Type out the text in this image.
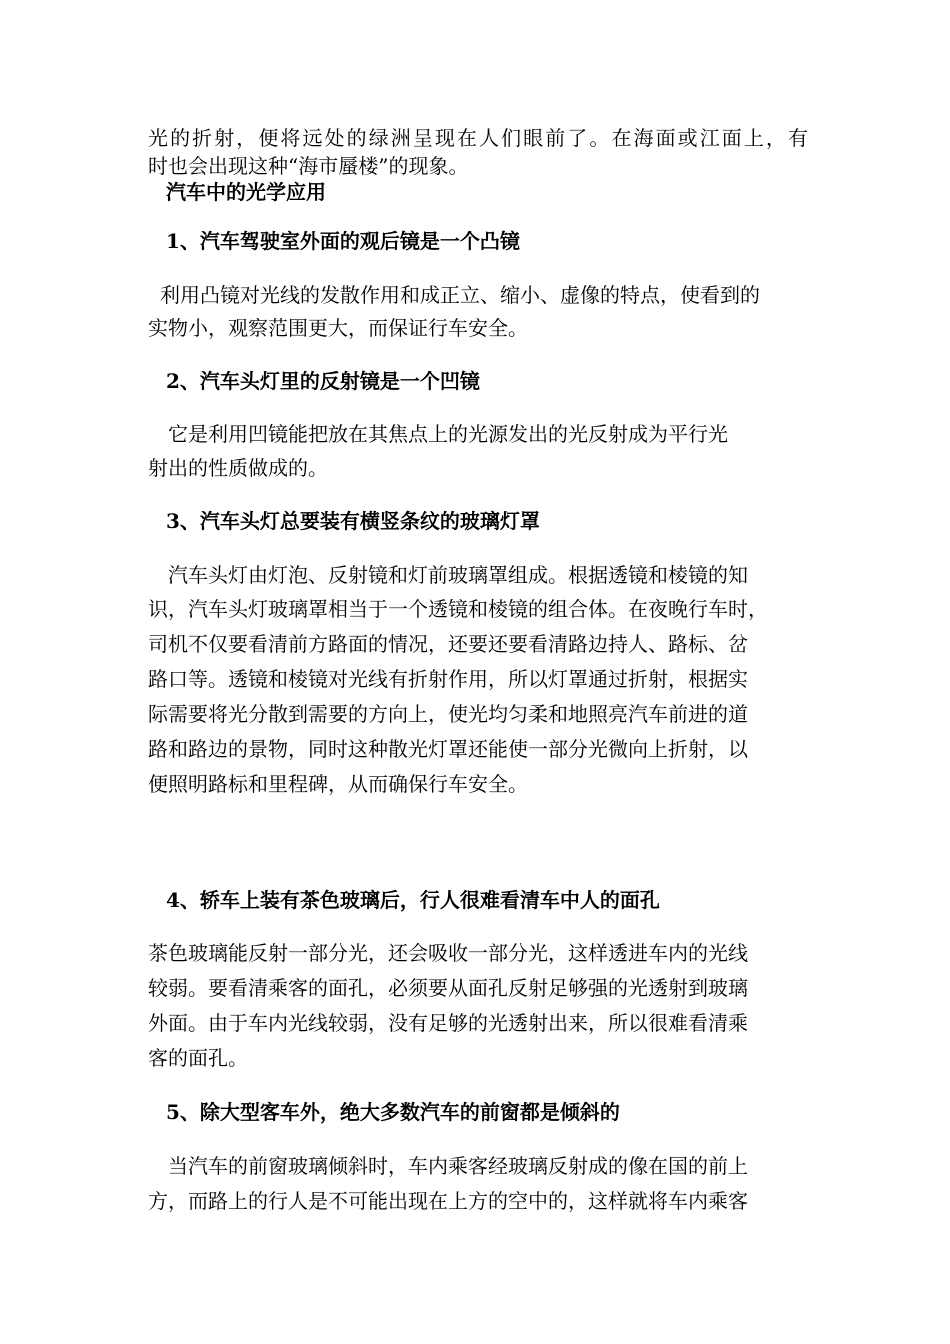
光的折射，便将远处的绿洲呈现在人们眼前了。在海面或江面上，有
时也会出现这种“海市蜃楼”的现象。
汽车中的光学应用
1、汽车驾驶室外面的观后镜是一个凸镜
利用凸镜对光线的发散作用和成正立、缩小、虚像的特点，使看到的
实物小，观察范围更大，而保证行车安全。
2、汽车头灯里的反射镜是一个凹镜
它是利用凹镜能把放在其焦点上的光源发出的光反射成为平行光
射出的性质做成的。
3、汽车头灯总要装有横竖条纹的玻璃灯罩
汽车头灯由灯泡、反射镜和灯前玻璃罩组成。根据透镜和棱镜的知
识，汽车头灯玻璃罩相当于一个透镜和棱镜的组合体。在夜晚行车时，
司机不仅要看清前方路面的情况，还要还要看清路边持人、路标、岔
路口等。透镜和棱镜对光线有折射作用，所以灯罩通过折射，根据实
际需要将光分散到需要的方向上，使光均匀柔和地照亮汽车前进的道
路和路边的景物，同时这种散光灯罩还能使一部分光微向上折射，以
便照明路标和里程碑，从而确保行车安全。
4、轿车上装有茶色玻璃后，行人很难看清车中人的面孔
茶色玻璃能反射一部分光，还会吸收一部分光，这样透进车内的光线
较弱。要看清乘客的面孔，必须要从面孔反射足够强的光透射到玻璃
外面。由于车内光线较弱，没有足够的光透射出来，所以很难看清乘
客的面孔。
5、除大型客车外，绝大多数汽车的前窗都是倾斜的
当汽车的前窗玻璃倾斜时，车内乘客经玻璃反射成的像在国的前上
方，而路上的行人是不可能出现在上方的空中的，这样就将车内乘客
